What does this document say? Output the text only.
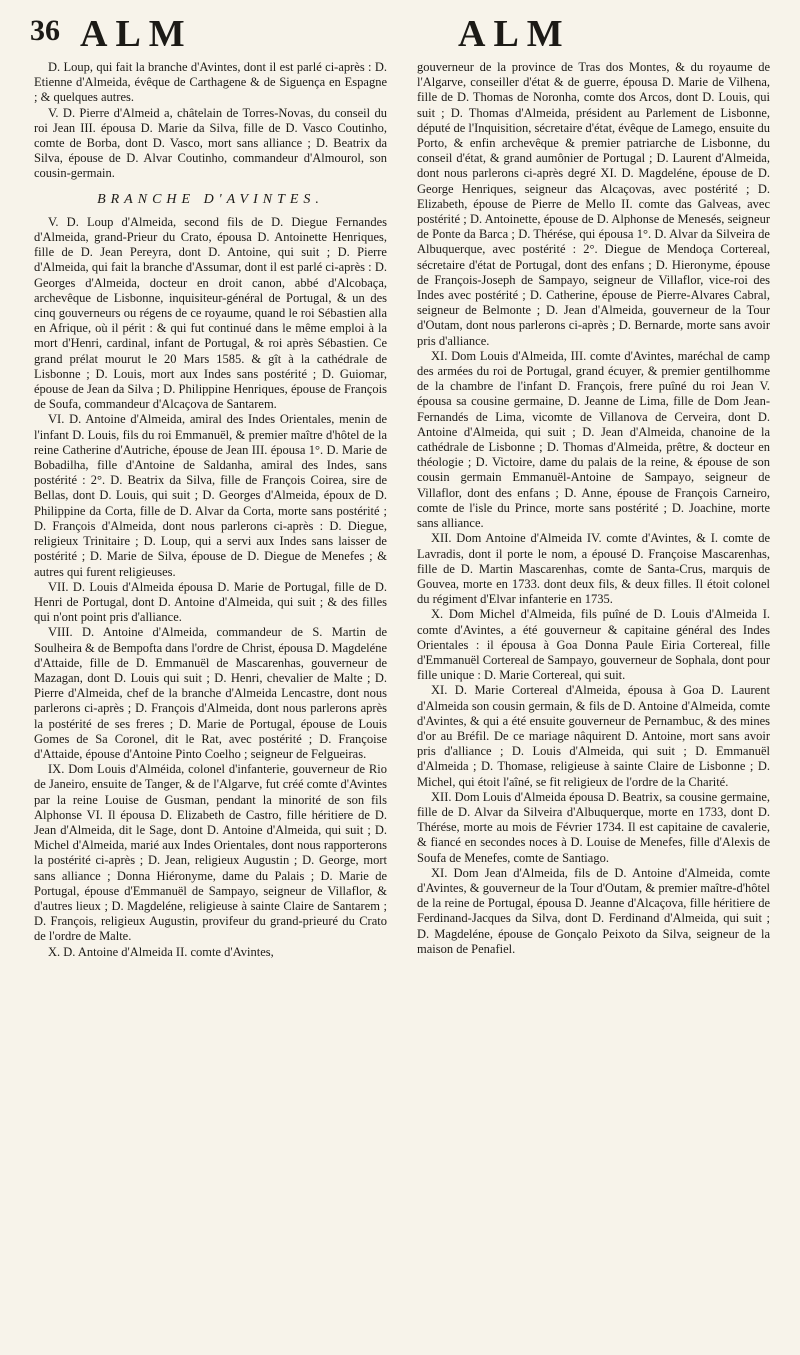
36 ALM	ALM

D. Loup, qui fait la branche d'Avintes, dont il est parlé ci-après : D. Etienne d'Almeida, évêque de Carthagene & de Siguença en Espagne ; & quelques autres.

V. D. Pierre d'Almeid a, châtelain de Torres-Novas, du conseil du roi Jean III. épousa D. Marie da Silva, fille de D. Vasco Coutinho, comte de Borba, dont D. Vasco, mort sans alliance ; D. Beatrix da Silva, épouse de D. Alvar Coutinho, commandeur d'Almourol, son cousin-germain.

BRANCHE D'AVINTES.

V. D. Loup d'Almeida, second fils de D. Diegue Fernandes d'Almeida, grand-Prieur du Crato, épousa D. Antoinette Henriques, fille de D. Jean Pereyra, dont D. Antoine, qui suit ; D. Pierre d'Almeida, qui fait la branche d'Assumar, dont il est parlé ci-après : D. Georges d'Almeida, docteur en droit canon, abbé d'Alcobaça, archevêque de Lisbonne, inquisiteur-général de Portugal, & un des cinq gouverneurs ou régens de ce royaume, quand le roi Sébastien alla en Afrique, où il périt : & qui fut continué dans le même emploi à la mort d'Henri, cardinal, infant de Portugal, & roi après Sébastien. Ce grand prélat mourut le 20 Mars 1585. & gît à la cathédrale de Lisbonne ; D. Louis, mort aux Indes sans postérité ; D. Guiomar, épouse de Jean da Silva ; D. Philippine Henriques, épouse de François de Soufa, commandeur d'Alcaçova de Santarem.

VI. D. Antoine d'Almeida, amiral des Indes Orientales, menin de l'infant D. Louis, fils du roi Emmanuël, & premier maître d'hôtel de la reine Catherine d'Autriche, épouse de Jean III. épousa 1°. D. Marie de Bobadilha, fille d'Antoine de Saldanha, amiral des Indes, sans postérité : 2°. D. Beatrix da Silva, fille de François Coirea, sire de Bellas, dont D. Louis, qui suit ; D. Georges d'Almeida, époux de D. Philippine da Corta, fille de D. Alvar da Corta, morte sans postérité ; D. François d'Almeida, dont nous parlerons ci-après : D. Diegue, religieux Trinitaire ; D. Loup, qui a servi aux Indes sans laisser de postérité ; D. Marie de Silva, épouse de D. Diegue de Menefes ; & autres qui furent religieuses.

VII. D. Louis d'Almeida épousa D. Marie de Portugal, fille de D. Henri de Portugal, dont D. Antoine d'Almeida, qui suit ; & des filles qui n'ont point pris d'alliance.

VIII. D. Antoine d'Almeida, commandeur de S. Martin de Soulheira & de Bempofta dans l'ordre de Christ, épousa D. Magdeléne d'Attaide, fille de D. Emmanuël de Mascarenhas, gouverneur de Mazagan, dont D. Louis qui suit ; D. Henri, chevalier de Malte ; D. Pierre d'Almeida, chef de la branche d'Almeida Lencastre, dont nous parlerons ci-après ; D. François d'Almeida, dont nous parlerons après la postérité de ses freres ; D. Marie de Portugal, épouse de Louis Gomes de Sa Coronel, dit le Rat, avec postérité ; D. Françoise d'Attaide, épouse d'Antoine Pinto Coelho ; seigneur de Felgueiras.

IX. Dom Louis d'Alméida, colonel d'infanterie, gouverneur de Rio de Janeiro, ensuite de Tanger, & de l'Algarve, fut créé comte d'Avintes par la reine Louise de Gusman, pendant la minorité de son fils Alphonse VI. Il épousa D. Elizabeth de Castro, fille héritiere de D. Jean d'Almeida, dit le Sage, dont D. Antoine d'Almeida, qui suit ; D. Michel d'Almeida, marié aux Indes Orientales, dont nous rapporterons la postérité ci-après ; D. Jean, religieux Augustin ; D. George, mort sans alliance ; Donna Hiéronyme, dame du Palais ; D. Marie de Portugal, épouse d'Emmanuël de Sampayo, seigneur de Villaflor, & d'autres lieux ; D. Magdeléne, religieuse à sainte Claire de Santarem ; D. François, religieux Augustin, provifeur du grand-prieuré du Crato de l'ordre de Malte.

X. D. Antoine d'Almeida II. comte d'Avintes,

gouverneur de la province de Tras dos Montes, & du royaume de l'Algarve, conseiller d'état & de guerre, épousa D. Marie de Vilhena, fille de D. Thomas de Noronha, comte dos Arcos, dont D. Louis, qui suit ; D. Thomas d'Almeida, président au Parlement de Lisbonne, député de l'Inquisition, sécretaire d'état, évêque de Lamego, ensuite du Porto, & enfin archevêque & premier patriarche de Lisbonne, du conseil d'état, & grand aumônier de Portugal ; D. Laurent d'Almeida, dont nous parlerons ci-après degré XI. D. Magdeléne, épouse de D. George Henriques, seigneur das Alcaçovas, avec postérité ; D. Elizabeth, épouse de Pierre de Mello II. comte das Galveas, avec postérité ; D. Antoinette, épouse de D. Alphonse de Menesés, seigneur de Ponte da Barca ; D. Thérése, qui épousa 1°. D. Alvar da Silveira de Albuquerque, avec postérité : 2°. Diegue de Mendoça Cortereal, sécretaire d'état de Portugal, dont des enfans ; D. Hieronyme, épouse de François-Joseph de Sampayo, seigneur de Villaflor, vice-roi des Indes avec postérité ; D. Catherine, épouse de Pierre-Alvares Cabral, seigneur de Belmonte ; D. Jean d'Almeida, gouverneur de la Tour d'Outam, dont nous parlerons ci-après ; D. Bernarde, morte sans avoir pris d'alliance.

XI. Dom Louis d'Almeida, III. comte d'Avintes, maréchal de camp des armées du roi de Portugal, grand écuyer, & premier gentilhomme de la chambre de l'infant D. François, frere puîné du roi Jean V. épousa sa cousine germaine, D. Jeanne de Lima, fille de Dom Jean-Fernandés de Lima, vicomte de Villanova de Cerveira, dont D. Antoine d'Almeida, qui suit ; D. Jean d'Almeida, chanoine de la cathédrale de Lisbonne ; D. Thomas d'Almeida, prêtre, & docteur en théologie ; D. Victoire, dame du palais de la reine, & épouse de son cousin germain Emmanuël-Antoine de Sampayo, seigneur de Villaflor, dont des enfans ; D. Anne, épouse de François Carneiro, comte de l'isle du Prince, morte sans postérité ; D. Joachine, morte sans alliance.

XII. Dom Antoine d'Almeida IV. comte d'Avintes, & I. comte de Lavradis, dont il porte le nom, a épousé D. Françoise Mascarenhas, fille de D. Martin Mascarenhas, comte de Santa-Crus, marquis de Gouvea, morte en 1733. dont deux fils, & deux filles. Il étoit colonel du régiment d'Elvar infanterie en 1735.

X. Dom Michel d'Almeida, fils puîné de D. Louis d'Almeida I. comte d'Avintes, a été gouverneur & capitaine général des Indes Orientales : il épousa à Goa Donna Paule Eiria Cortereal, fille d'Emmanuël Cortereal de Sampayo, gouverneur de Sophala, dont pour fille unique : D. Marie Cortereal, qui suit.

XI. D. Marie Cortereal d'Almeida, épousa à Goa D. Laurent d'Almeida son cousin germain, & fils de D. Antoine d'Almeida, comte d'Avintes, & qui a été ensuite gouverneur de Pernambuc, & des mines d'or au Bréfil. De ce mariage nâquirent D. Antoine, mort sans avoir pris d'alliance ; D. Louis d'Almeida, qui suit ; D. Emmanuël d'Almeida ; D. Thomase, religieuse à sainte Claire de Lisbonne ; D. Michel, qui étoit l'aîné, se fit religieux de l'ordre de la Charité.

XII. Dom Louis d'Almeida épousa D. Beatrix, sa cousine germaine, fille de D. Alvar da Silveira d'Albuquerque, morte en 1733, dont D. Thérése, morte au mois de Février 1734. Il est capitaine de cavalerie, & fiancé en secondes noces à D. Louise de Menefes, fille d'Alexis de Soufa de Menefes, comte de Santiago.

XI. Dom Jean d'Almeida, fils de D. Antoine d'Almeida, comte d'Avintes, & gouverneur de la Tour d'Outam, & premier maître-d'hôtel de la reine de Portugal, épousa D. Jeanne d'Alcaçova, fille héritiere de Ferdinand-Jacques da Silva, dont D. Ferdinand d'Almeida, qui suit ; D. Magdeléne, épouse de Gonçalo Peixoto da Silva, seigneur de la maison de Penafiel.
